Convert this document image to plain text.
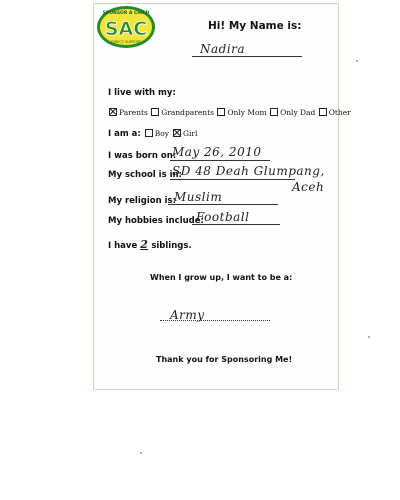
SPONSOR A CHILD
SAC
DIRECT SUPPORT
Hi! My Name is:
Nadira
I live with my:
Parents Grandparents Only Mom Only Dad Other
I am a: Boy Girl
I was born on:
May 26, 2010
My school is in:
SD 48 Deah Glumpang,
Aceh
My religion is:
Muslim
My hobbies include:
Football
I have 2 siblings.
When I grow up, I want to be a:
Army
Thank you for Sponsoring Me!
